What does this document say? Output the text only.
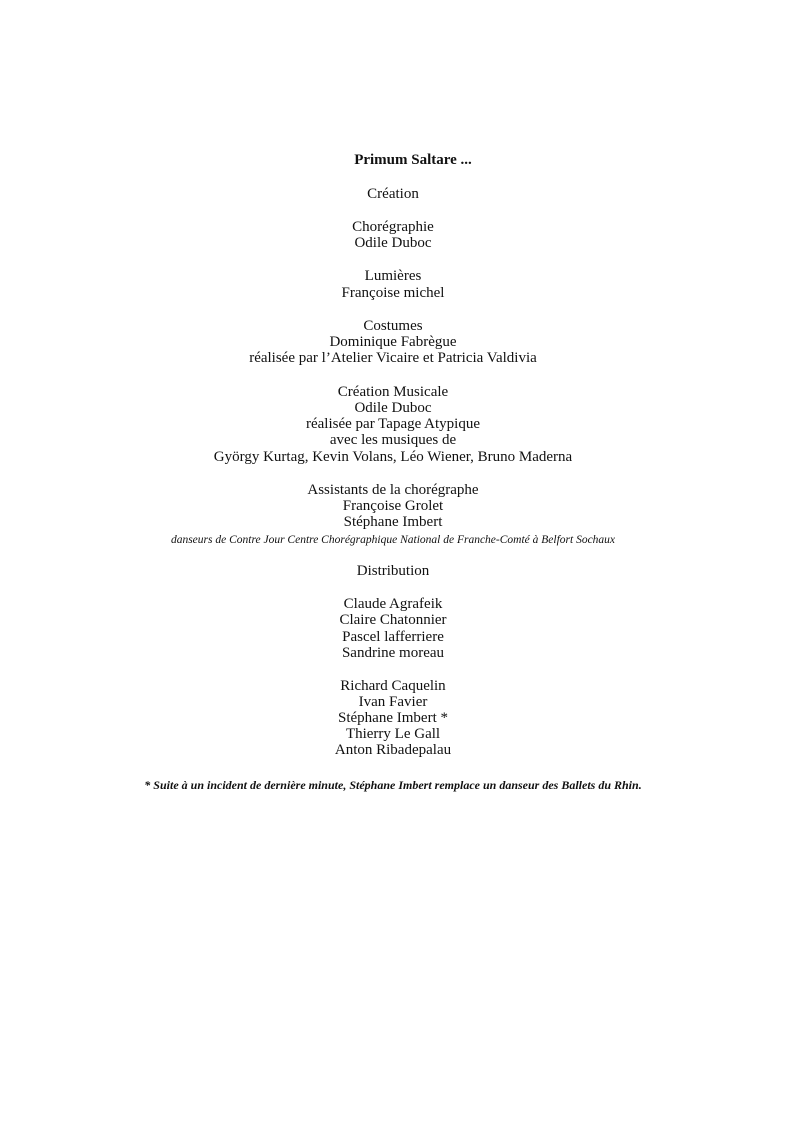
Primum Saltare ...
Création
Chorégraphie
Odile Duboc
Lumières
Françoise michel
Costumes
Dominique Fabrègue
réalisée par l’Atelier Vicaire et Patricia Valdivia
Création Musicale
Odile Duboc
réalisée par Tapage Atypique
avec les musiques de
György Kurtag, Kevin Volans, Léo Wiener, Bruno Maderna
Assistants de la chorégraphe
Françoise Grolet
Stéphane Imbert
danseurs de Contre Jour Centre Chorégraphique National de Franche-Comté à Belfort Sochaux
Distribution
Claude Agrafeik
Claire Chatonnier
Pascel lafferriere
Sandrine moreau
Richard Caquelin
Ivan Favier
Stéphane Imbert *
Thierry Le Gall
Anton Ribadepalau
* Suite à un incident de dernière minute, Stéphane Imbert remplace un danseur des Ballets du Rhin.
